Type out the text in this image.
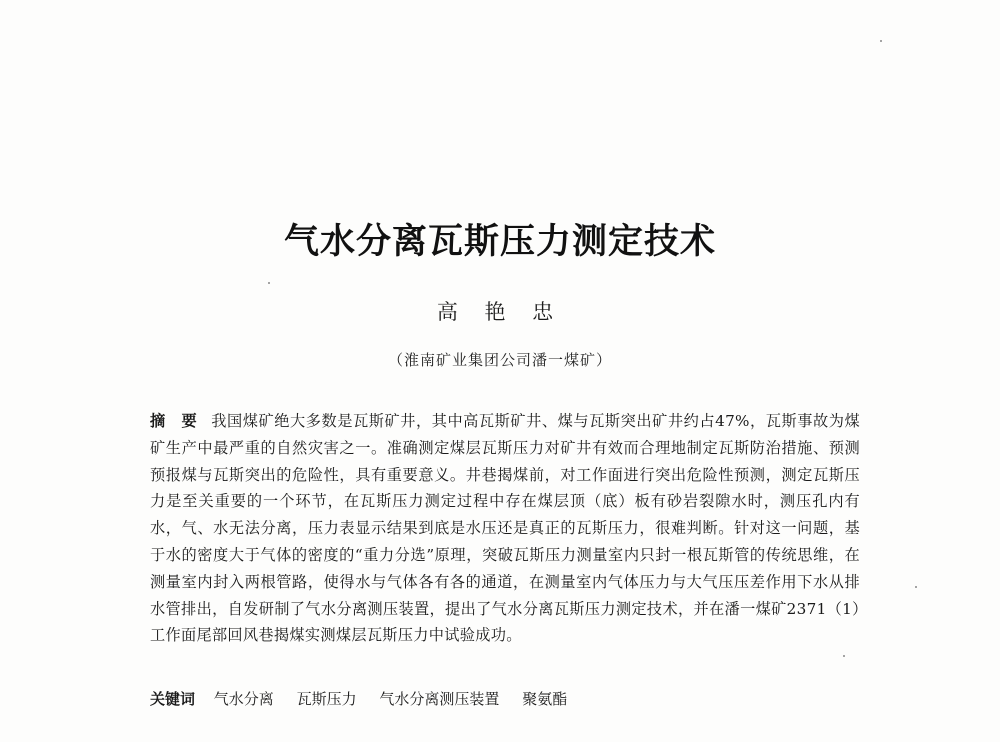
气水分离瓦斯压力测定技术
高 艳 忠
（淮南矿业集团公司潘一煤矿）
摘　要 我国煤矿绝大多数是瓦斯矿井，其中高瓦斯矿井、煤与瓦斯突出矿井约占47%，瓦斯事故为煤矿生产中最严重的自然灾害之一。准确测定煤层瓦斯压力对矿井有效而合理地制定瓦斯防治措施、预测预报煤与瓦斯突出的危险性，具有重要意义。井巷揭煤前，对工作面进行突出危险性预测，测定瓦斯压力是至关重要的一个环节，在瓦斯压力测定过程中存在煤层顶（底）板有砂岩裂隙水时，测压孔内有水，气、水无法分离，压力表显示结果到底是水压还是真正的瓦斯压力，很难判断。针对这一问题，基于水的密度大于气体的密度的“重力分选”原理，突破瓦斯压力测量室内只封一根瓦斯管的传统思维，在测量室内封入两根管路，使得水与气体各有各的通道，在测量室内气体压力与大气压压差作用下水从排水管排出，自发研制了气水分离测压装置，提出了气水分离瓦斯压力测定技术，并在潘一煤矿2371（1）工作面尾部回风巷揭煤实测煤层瓦斯压力中试验成功。
关键词 气水分离 瓦斯压力 气水分离测压装置 聚氨酯
